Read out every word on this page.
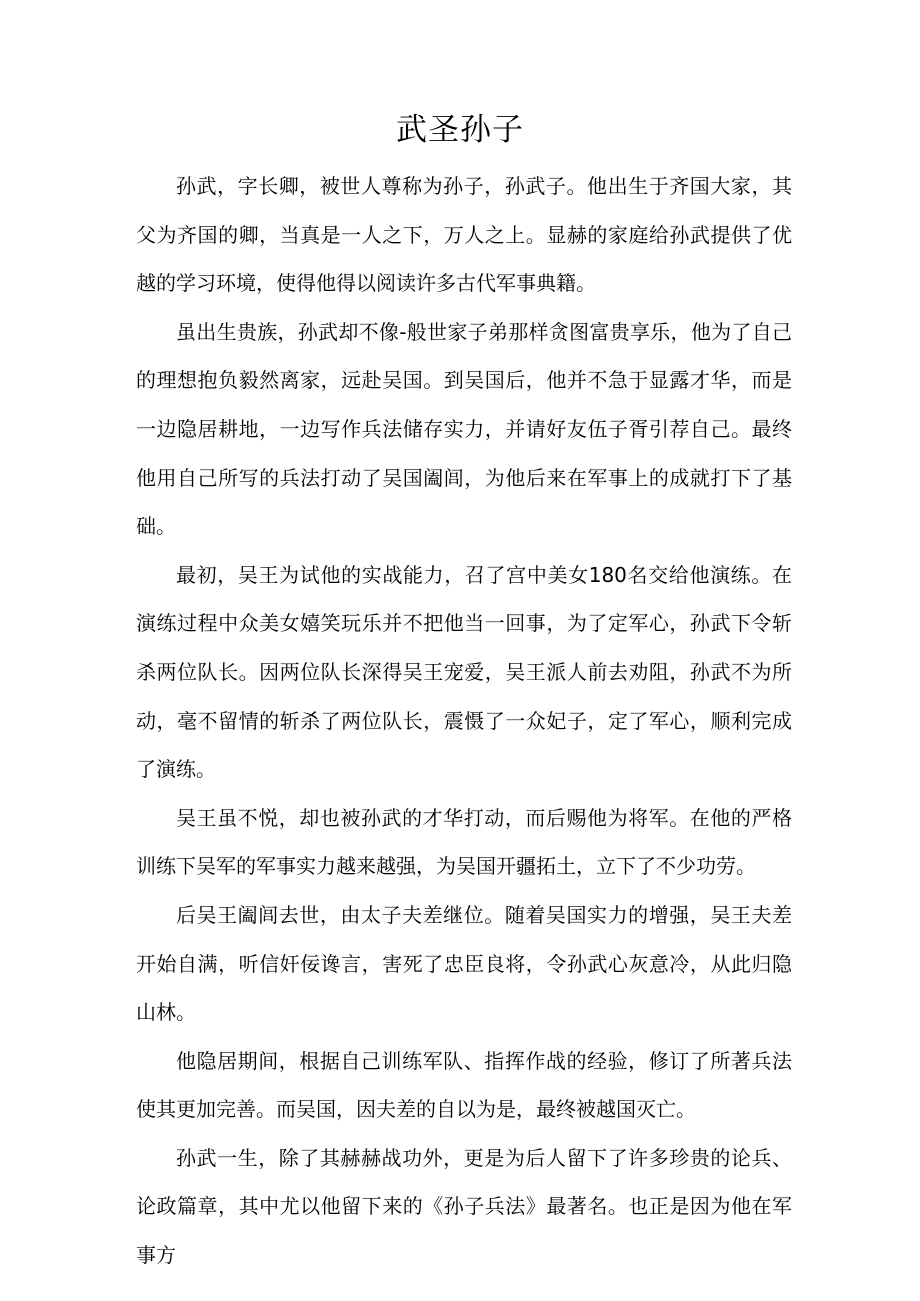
武圣孙子

孙武，字长卿，被世人尊称为孙子，孙武子。他出生于齐国大家，其父为齐国的卿，当真是一人之下，万人之上。显赫的家庭给孙武提供了优越的学习环境，使得他得以阅读许多古代军事典籍。

虽出生贵族，孙武却不像-般世家子弟那样贪图富贵享乐，他为了自己的理想抱负毅然离家，远赴吴国。到吴国后，他并不急于显露才华，而是一边隐居耕地，一边写作兵法储存实力，并请好友伍子胥引荐自己。最终他用自己所写的兵法打动了吴国阖闾，为他后来在军事上的成就打下了基础。

最初，吴王为试他的实战能力，召了宫中美女180名交给他演练。在演练过程中众美女嬉笑玩乐并不把他当一回事，为了定军心，孙武下令斩杀两位队长。因两位队长深得吴王宠爱，吴王派人前去劝阻，孙武不为所动，毫不留情的斩杀了两位队长，震慑了一众妃子，定了军心，顺利完成了演练。

吴王虽不悦，却也被孙武的才华打动，而后赐他为将军。在他的严格训练下吴军的军事实力越来越强，为吴国开疆拓土，立下了不少功劳。

后吴王阖闾去世，由太子夫差继位。随着吴国实力的增强，吴王夫差开始自满，听信奸佞谗言，害死了忠臣良将，令孙武心灰意冷，从此归隐山林。

他隐居期间，根据自己训练军队、指挥作战的经验，修订了所著兵法使其更加完善。而吴国，因夫差的自以为是，最终被越国灭亡。

孙武一生，除了其赫赫战功外，更是为后人留下了许多珍贵的论兵、论政篇章，其中尤以他留下来的《孙子兵法》最著名。也正是因为他在军事方
